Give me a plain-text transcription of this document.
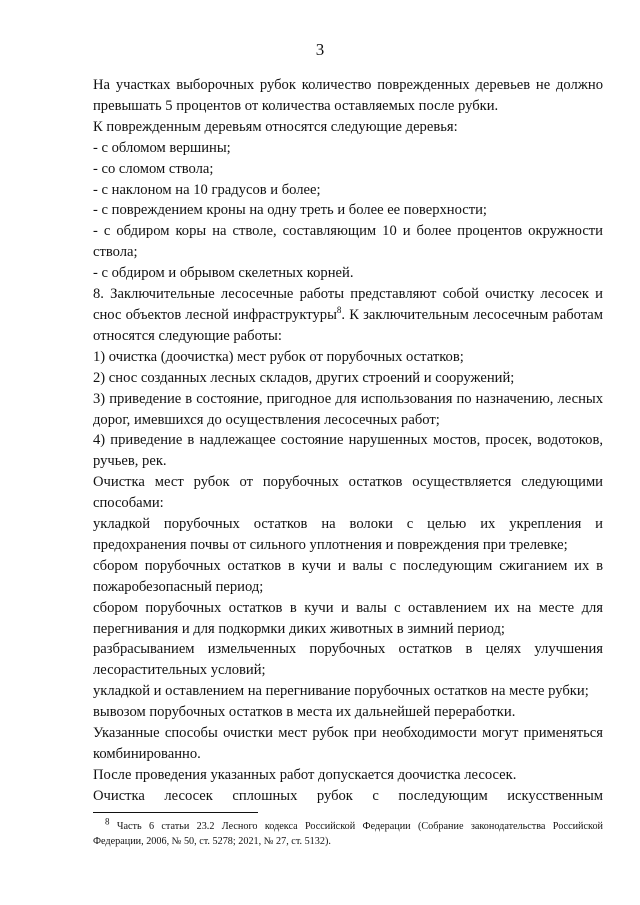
3

На участках выборочных рубок количество поврежденных деревьев не должно превышать 5 процентов от количества оставляемых после рубки.

К поврежденным деревьям относятся следующие деревья:

- с обломом вершины;

- со сломом ствола;

- с наклоном на 10 градусов и более;

- с повреждением кроны на одну треть и более ее поверхности;

- с обдиром коры на стволе, составляющим 10 и более процентов окружности ствола;

- с обдиром и обрывом скелетных корней.

8. Заключительные лесосечные работы представляют собой очистку лесосек и снос объектов лесной инфраструктуры$^8$. К заключительным лесосечным работам относятся следующие работы:

1) очистка (доочистка) мест рубок от порубочных остатков;

2) снос созданных лесных складов, других строений и сооружений;

3) приведение в состояние, пригодное для использования по назначению, лесных дорог, имевшихся до осуществления лесосечных работ;

4) приведение в надлежащее состояние нарушенных мостов, просек, водотоков, ручьев, рек.

Очистка мест рубок от порубочных остатков осуществляется следующими способами:

укладкой порубочных остатков на волоки с целью их укрепления и предохранения почвы от сильного уплотнения и повреждения при трелевке;

сбором порубочных остатков в кучи и валы с последующим сжиганием их в пожаробезопасный период;

сбором порубочных остатков в кучи и валы с оставлением их на месте для перегнивания и для подкормки диких животных в зимний период;

разбрасыванием измельченных порубочных остатков в целях улучшения лесорастительных условий;

укладкой и оставлением на перегнивание порубочных остатков на месте рубки;

вывозом порубочных остатков в места их дальнейшей переработки.

Указанные способы очистки мест рубок при необходимости могут применяться комбинированно.

После проведения указанных работ допускается доочистка лесосек.

Очистка лесосек сплошных рубок с последующим искусственным

$^8$ Часть 6 статьи 23.2 Лесного кодекса Российской Федерации (Собрание законодательства Российской Федерации, 2006, № 50, ст. 5278; 2021, № 27, ст. 5132).
